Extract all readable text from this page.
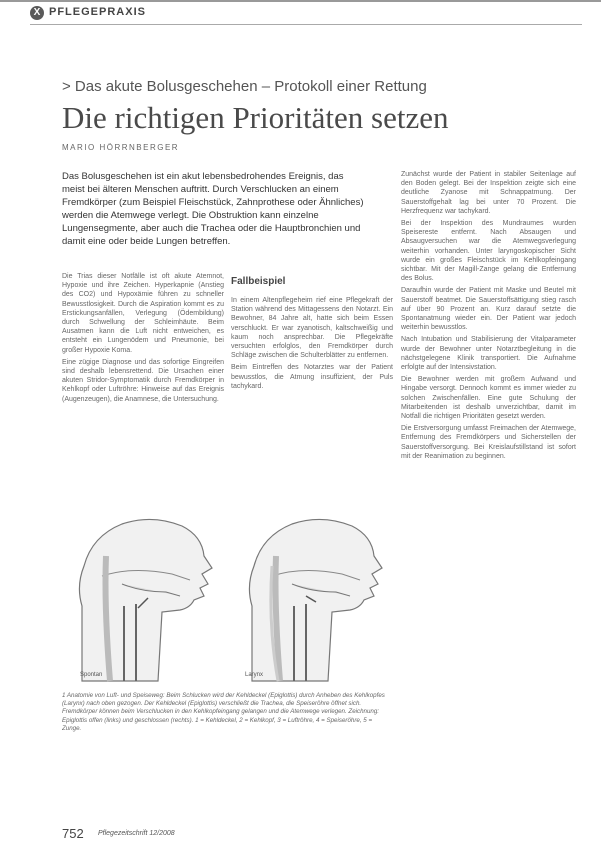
X PFLEGEPRAXIS
> Das akute Bolusgeschehen – Protokoll einer Rettung
Die richtigen Prioritäten setzen
MARIO HÖRRNBERGER
Das Bolusgeschehen ist ein akut lebensbedrohendes Ereignis, das meist bei älteren Menschen auftritt. Durch Verschlucken an einem Fremdkörper (zum Beispiel Fleischstück, Zahnprothese oder Ähnliches) werden die Atemwege verlegt. Die Obstruktion kann einzelne Lungensegmente, aber auch die Trachea oder die Hauptbronchien und damit eine oder beide Lungen betreffen.

Die Trias dieser Notfälle ist oft akute Atemnot, Hypoxie und ihre Zeichen. Hyperkapnie (Anstieg des CO2) und Hypoxämie führen zu schneller Bewusstlosigkeit. Durch die Aspiration kommt es zu Erstickungsanfällen, Verlegung (Ödembildung) durch Schwellung der Schleimhäute. Beim Ausatmen kann die Luft nicht entweichen, es entsteht ein Lungenödem und Pneumonie, bei großer Hypoxie Koma.

Eine zügige Diagnose und das sofortige Eingreifen sind deshalb lebensrettend. Die Ursachen einer akuten Stridor-Symptomatik durch Fremdkörper in Kehlkopf oder Luftröhre: Hinweise auf das Ereignis (Augenzeugen), die Anamnese, die Untersuchung.

Fallbeispiel

In einem Altenpflegeheim rief eine Pflegekraft der Station während des Mittagessens den Notarzt. Ein Bewohner, 84 Jahre alt, hatte sich beim Essen verschluckt. Er war zyanotisch, kaltschweißig und kaum noch ansprechbar. Die Pflegekräfte versuchten erfolglos, den Fremdkörper durch Schläge zwischen die Schulterblätter zu entfernen.

Beim Eintreffen des Notarztes war der Patient bewusstlos, die Atmung insuffizient, der Puls tachykard.

Zunächst wurde der Patient in stabiler Seitenlage auf den Boden gelegt. Bei der Inspektion zeigte sich eine deutliche Zyanose mit Schnappatmung. Der Sauerstoffgehalt lag bei unter 70 Prozent. Die Herzfrequenz war tachykard.

Bei der Inspektion des Mundraumes wurden Speisereste entfernt. Nach Absaugen und Absaugversuchen war die Atemwegsverlegung weiterhin vorhanden. Unter laryngoskopischer Sicht wurde ein großes Fleischstück im Kehlkopfeingang sichtbar. Mit der Magill-Zange gelang die Entfernung des Bolus.

Daraufhin wurde der Patient mit Maske und Beutel mit Sauerstoff beatmet. Die Sauerstoffsättigung stieg rasch auf über 90 Prozent an. Kurz darauf setzte die Spontanatmung wieder ein. Der Patient war jedoch weiterhin bewusstlos.

Nach Intubation und Stabilisierung der Vitalparameter wurde der Bewohner unter Notarztbegleitung in die nächstgelegene Klinik transportiert. Die Aufnahme erfolgte auf der Intensivstation.

Die Bewohner werden mit großem Aufwand und Hingabe versorgt. Dennoch kommt es immer wieder zu solchen Zwischenfällen. Eine gute Schulung der Mitarbeitenden ist deshalb unverzichtbar, damit im Notfall die richtigen Prioritäten gesetzt werden.

Die Erstversorgung umfasst Freimachen der Atemwege, Entfernung des Fremdkörpers und Sicherstellen der Sauerstoffversorgung. Bei Kreislaufstillstand ist sofort mit der Reanimation zu beginnen.

Spontan	Larynx
1 Anatomie von Luft- und Speiseweg: Beim Schlucken wird der Kehldeckel (Epiglottis) durch Anheben des Kehlkopfes (Larynx) nach oben gezogen. Der Kehldeckel (Epiglottis) verschließt die Trachea, die Speiseröhre öffnet sich. Fremdkörper können beim Verschlucken in den Kehlkopfeingang gelangen und die Atemwege verlegen. Zeichnung: Epiglottis offen (links) und geschlossen (rechts). 1 = Kehldeckel, 2 = Kehlkopf, 3 = Luftröhre, 4 = Speiseröhre, 5 = Zunge.
752 Pflegezeitschrift 12/2008
